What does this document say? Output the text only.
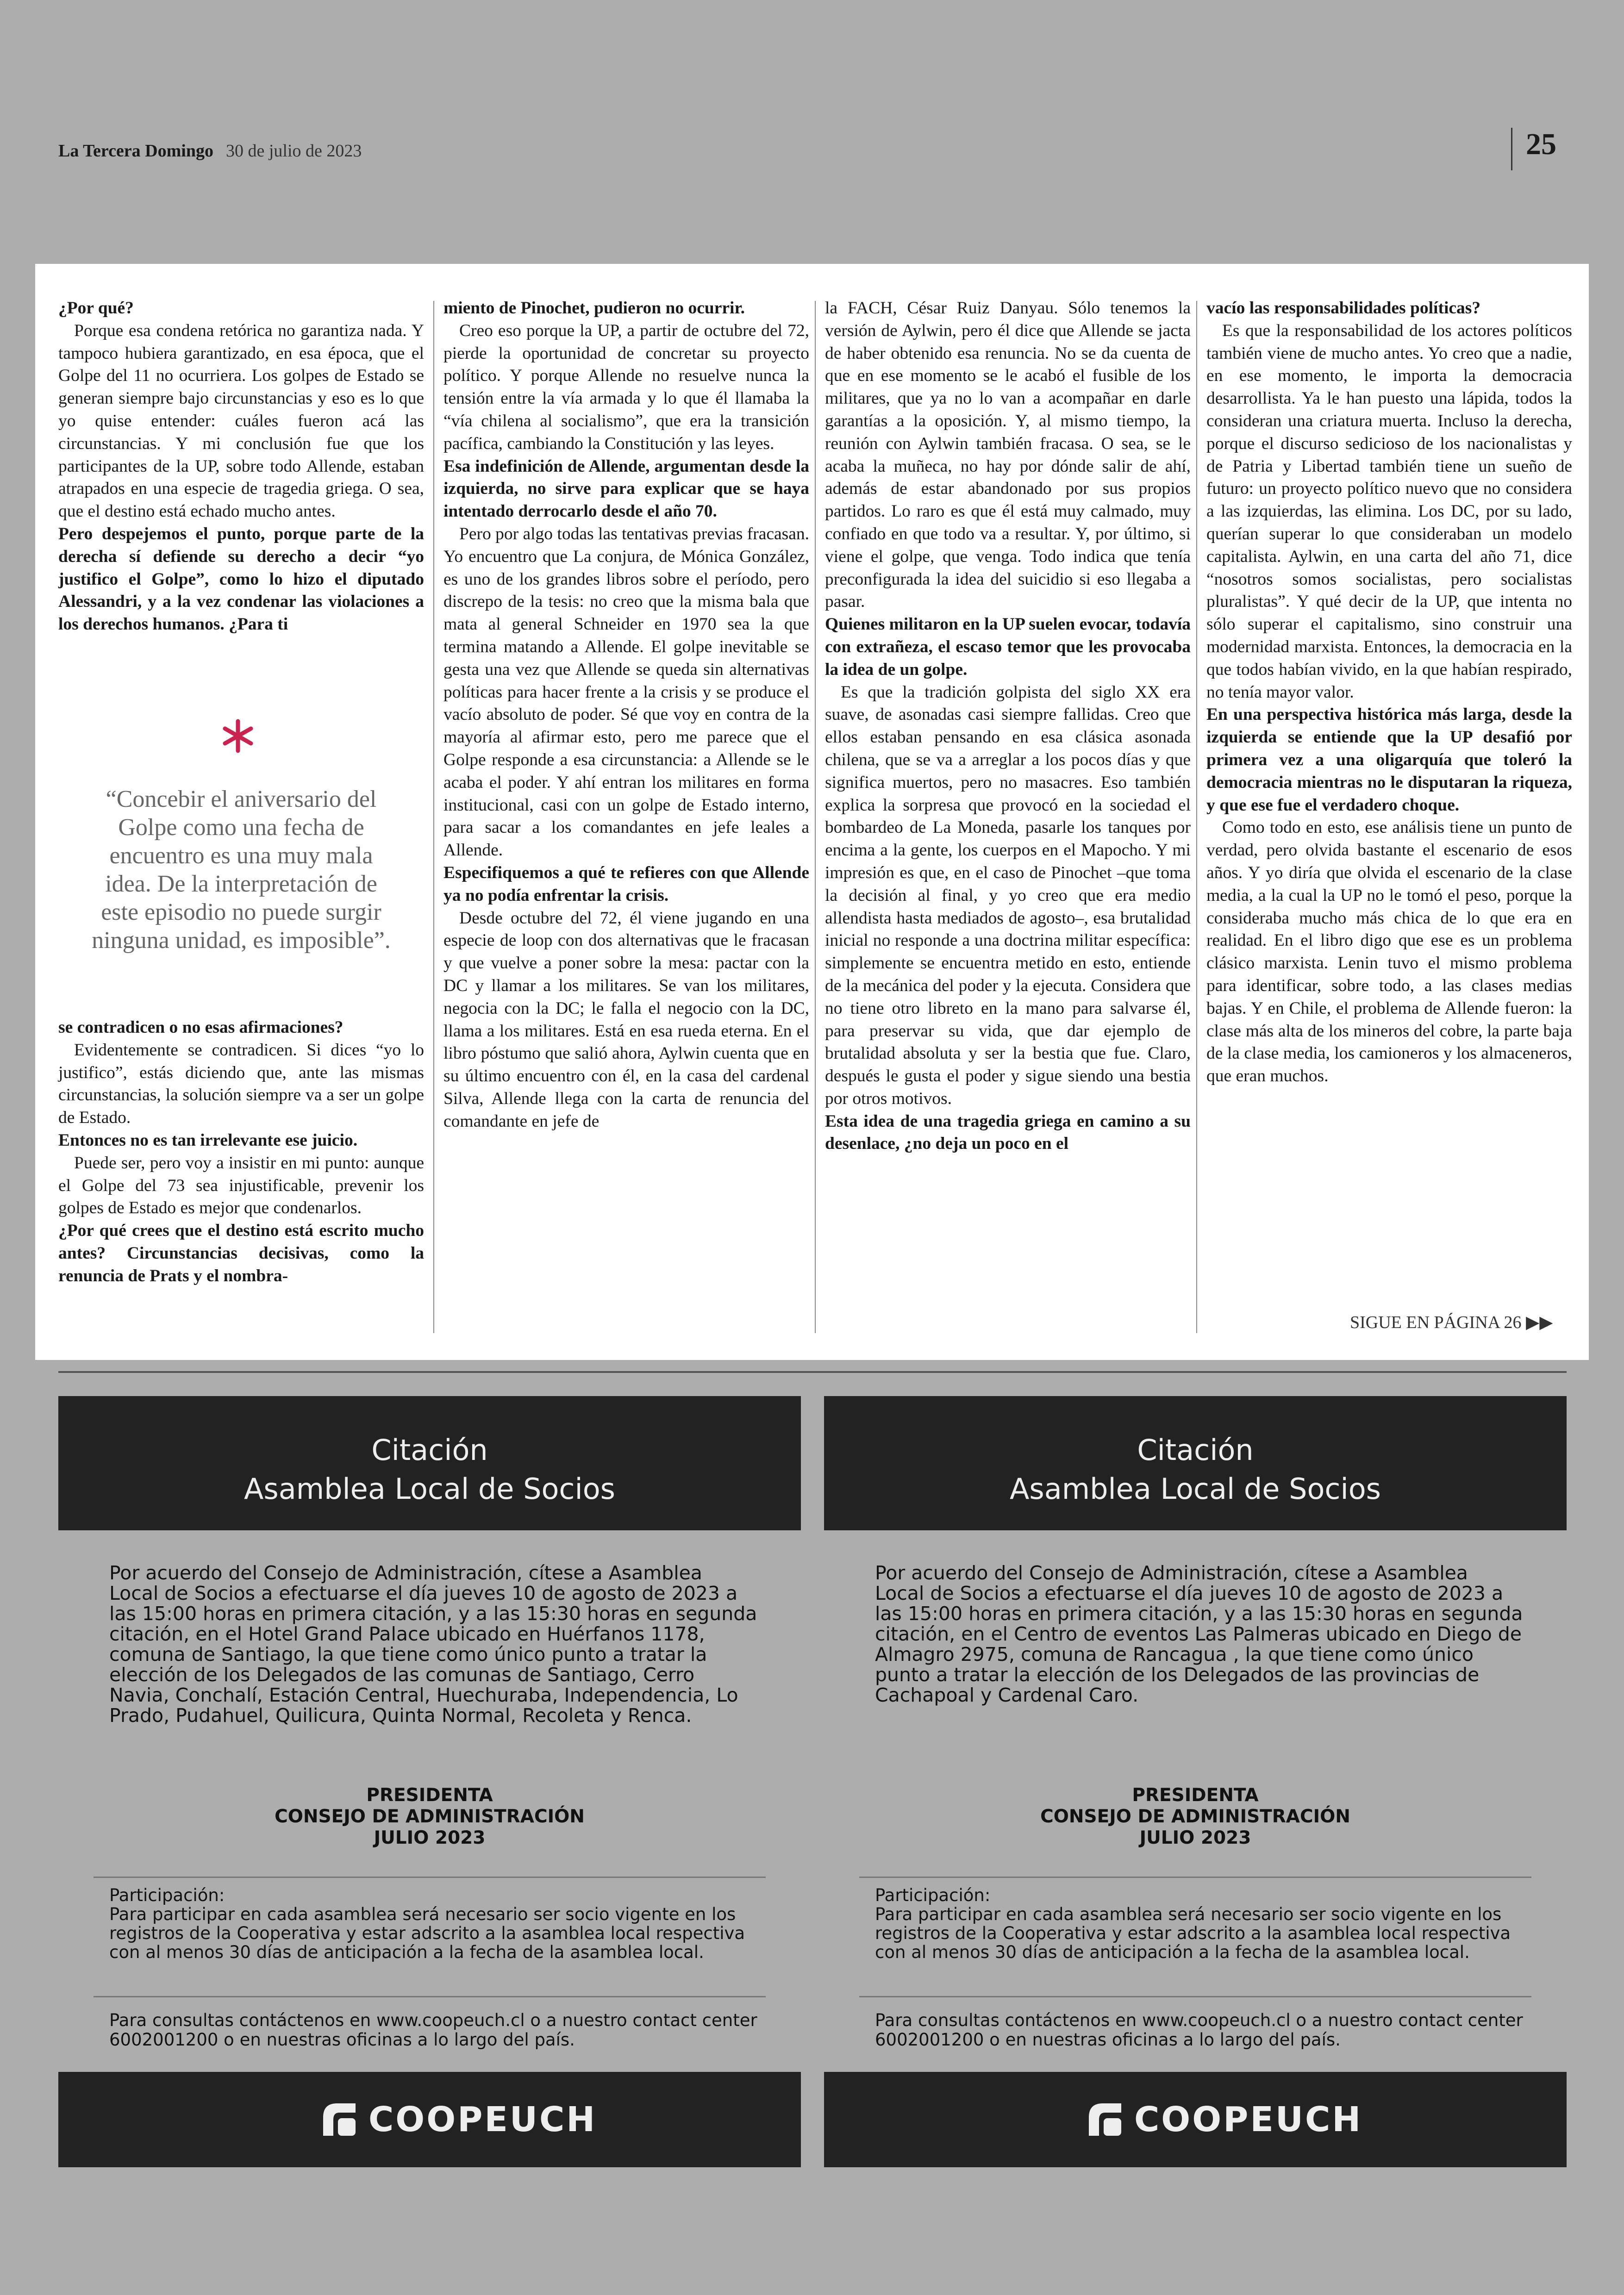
La Tercera Domingo 30 de julio de 2023	25

¿Por qué?

Porque esa condena retórica no garantiza nada. Y tampoco hubiera garantizado, en esa época, que el Golpe del 11 no ocurriera. Los golpes de Estado se generan siempre bajo circunstancias y eso es lo que yo quise entender: cuáles fueron acá las circunstancias. Y mi conclusión fue que los participantes de la UP, sobre todo Allende, estaban atrapados en una especie de tragedia griega. O sea, que el destino está echado mucho antes.

Pero despejemos el punto, porque parte de la derecha sí defiende su derecho a decir “yo justifico el Golpe”, como lo hizo el diputado Alessandri, y a la vez condenar las violaciones a los derechos humanos. ¿Para ti

“Concebir el aniversario del Golpe como una fecha de encuentro es una muy mala idea. De la interpretación de este episodio no puede surgir ninguna unidad, es imposible”.

se contradicen o no esas afirmaciones?

Evidentemente se contradicen. Si dices “yo lo justifico”, estás diciendo que, ante las mismas circunstancias, la solución siempre va a ser un golpe de Estado.

Entonces no es tan irrelevante ese juicio.

Puede ser, pero voy a insistir en mi punto: aunque el Golpe del 73 sea injustificable, prevenir los golpes de Estado es mejor que condenarlos.

¿Por qué crees que el destino está escrito mucho antes? Circunstancias decisivas, como la renuncia de Prats y el nombra-

miento de Pinochet, pudieron no ocurrir.

Creo eso porque la UP, a partir de octubre del 72, pierde la oportunidad de concretar su proyecto político. Y porque Allende no resuelve nunca la tensión entre la vía armada y lo que él llamaba la “vía chilena al socialismo”, que era la transición pacífica, cambiando la Constitución y las leyes.

Esa indefinición de Allende, argumentan desde la izquierda, no sirve para explicar que se haya intentado derrocarlo desde el año 70.

Pero por algo todas las tentativas previas fracasan. Yo encuentro que La conjura, de Mónica González, es uno de los grandes libros sobre el período, pero discrepo de la tesis: no creo que la misma bala que mata al general Schneider en 1970 sea la que termina matando a Allende. El golpe inevitable se gesta una vez que Allende se queda sin alternativas políticas para hacer frente a la crisis y se produce el vacío absoluto de poder. Sé que voy en contra de la mayoría al afirmar esto, pero me parece que el Golpe responde a esa circunstancia: a Allende se le acaba el poder. Y ahí entran los militares en forma institucional, casi con un golpe de Estado interno, para sacar a los comandantes en jefe leales a Allende.

Especifiquemos a qué te refieres con que Allende ya no podía enfrentar la crisis.

Desde octubre del 72, él viene jugando en una especie de loop con dos alternativas que le fracasan y que vuelve a poner sobre la mesa: pactar con la DC y llamar a los militares. Se van los militares, negocia con la DC; le falla el negocio con la DC, llama a los militares. Está en esa rueda eterna. En el libro póstumo que salió ahora, Aylwin cuenta que en su último encuentro con él, en la casa del cardenal Silva, Allende llega con la carta de renuncia del comandante en jefe de

la FACH, César Ruiz Danyau. Sólo tenemos la versión de Aylwin, pero él dice que Allende se jacta de haber obtenido esa renuncia. No se da cuenta de que en ese momento se le acabó el fusible de los militares, que ya no lo van a acompañar en darle garantías a la oposición. Y, al mismo tiempo, la reunión con Aylwin también fracasa. O sea, se le acaba la muñeca, no hay por dónde salir de ahí, además de estar abandonado por sus propios partidos. Lo raro es que él está muy calmado, muy confiado en que todo va a resultar. Y, por último, si viene el golpe, que venga. Todo indica que tenía preconfigurada la idea del suicidio si eso llegaba a pasar.

Quienes militaron en la UP suelen evocar, todavía con extrañeza, el escaso temor que les provocaba la idea de un golpe.

Es que la tradición golpista del siglo XX era suave, de asonadas casi siempre fallidas. Creo que ellos estaban pensando en esa clásica asonada chilena, que se va a arreglar a los pocos días y que significa muertos, pero no masacres. Eso también explica la sorpresa que provocó en la sociedad el bombardeo de La Moneda, pasarle los tanques por encima a la gente, los cuerpos en el Mapocho. Y mi impresión es que, en el caso de Pinochet –que toma la decisión al final, y yo creo que era medio allendista hasta mediados de agosto–, esa brutalidad inicial no responde a una doctrina militar específica: simplemente se encuentra metido en esto, entiende de la mecánica del poder y la ejecuta. Considera que no tiene otro libreto en la mano para salvarse él, para preservar su vida, que dar ejemplo de brutalidad absoluta y ser la bestia que fue. Claro, después le gusta el poder y sigue siendo una bestia por otros motivos.

Esta idea de una tragedia griega en camino a su desenlace, ¿no deja un poco en el

vacío las responsabilidades políticas?

Es que la responsabilidad de los actores políticos también viene de mucho antes. Yo creo que a nadie, en ese momento, le importa la democracia desarrollista. Ya le han puesto una lápida, todos la consideran una criatura muerta. Incluso la derecha, porque el discurso sedicioso de los nacionalistas y de Patria y Libertad también tiene un sueño de futuro: un proyecto político nuevo que no considera a las izquierdas, las elimina. Los DC, por su lado, querían superar lo que consideraban un modelo capitalista. Aylwin, en una carta del año 71, dice “nosotros somos socialistas, pero socialistas pluralistas”. Y qué decir de la UP, que intenta no sólo superar el capitalismo, sino construir una modernidad marxista. Entonces, la democracia en la que todos habían vivido, en la que habían respirado, no tenía mayor valor.

En una perspectiva histórica más larga, desde la izquierda se entiende que la UP desafió por primera vez a una oligarquía que toleró la democracia mientras no le disputaran la riqueza, y que ese fue el verdadero choque.

Como todo en esto, ese análisis tiene un punto de verdad, pero olvida bastante el escenario de esos años. Y yo diría que olvida el escenario de la clase media, a la cual la UP no le tomó el peso, porque la consideraba mucho más chica de lo que era en realidad. En el libro digo que ese es un problema clásico marxista. Lenin tuvo el mismo problema para identificar, sobre todo, a las clases medias bajas. Y en Chile, el problema de Allende fueron: la clase más alta de los mineros del cobre, la parte baja de la clase media, los camioneros y los almaceneros, que eran muchos.

SIGUE EN PÁGINA 26 ▶▶
Citación
Asamblea Local de Socios
Por acuerdo del Consejo de Administración, cítese a Asamblea Local de Socios a efectuarse el día jueves 10 de agosto de 2023 a las 15:00 horas en primera citación, y a las 15:30 horas en segunda citación, en el Hotel Grand Palace ubicado en Huérfanos 1178, comuna de Santiago, la que tiene como único punto a tratar la elección de los Delegados de las comunas de Santiago, Cerro Navia, Conchalí, Estación Central, Huechuraba, Independencia, Lo Prado, Pudahuel, Quilicura, Quinta Normal, Recoleta y Renca.
PRESIDENTA
CONSEJO DE ADMINISTRACIÓN
JULIO 2023
Participación:
Para participar en cada asamblea será necesario ser socio vigente en los registros de la Cooperativa y estar adscrito a la asamblea local respectiva con al menos 30 días de anticipación a la fecha de la asamblea local.
Para consultas contáctenos en www.coopeuch.cl o a nuestro contact center 6002001200 o en nuestras oficinas a lo largo del país.
COOPEUCH
Citación
Asamblea Local de Socios
Por acuerdo del Consejo de Administración, cítese a Asamblea Local de Socios a efectuarse el día jueves 10 de agosto de 2023 a las 15:00 horas en primera citación, y a las 15:30 horas en segunda citación, en el Centro de eventos Las Palmeras ubicado en Diego de Almagro 2975, comuna de Rancagua , la que tiene como único punto a tratar la elección de los Delegados de las provincias de Cachapoal y Cardenal Caro.
PRESIDENTA
CONSEJO DE ADMINISTRACIÓN
JULIO 2023
Participación:
Para participar en cada asamblea será necesario ser socio vigente en los registros de la Cooperativa y estar adscrito a la asamblea local respectiva con al menos 30 días de anticipación a la fecha de la asamblea local.
Para consultas contáctenos en www.coopeuch.cl o a nuestro contact center 6002001200 o en nuestras oficinas a lo largo del país.
COOPEUCH
